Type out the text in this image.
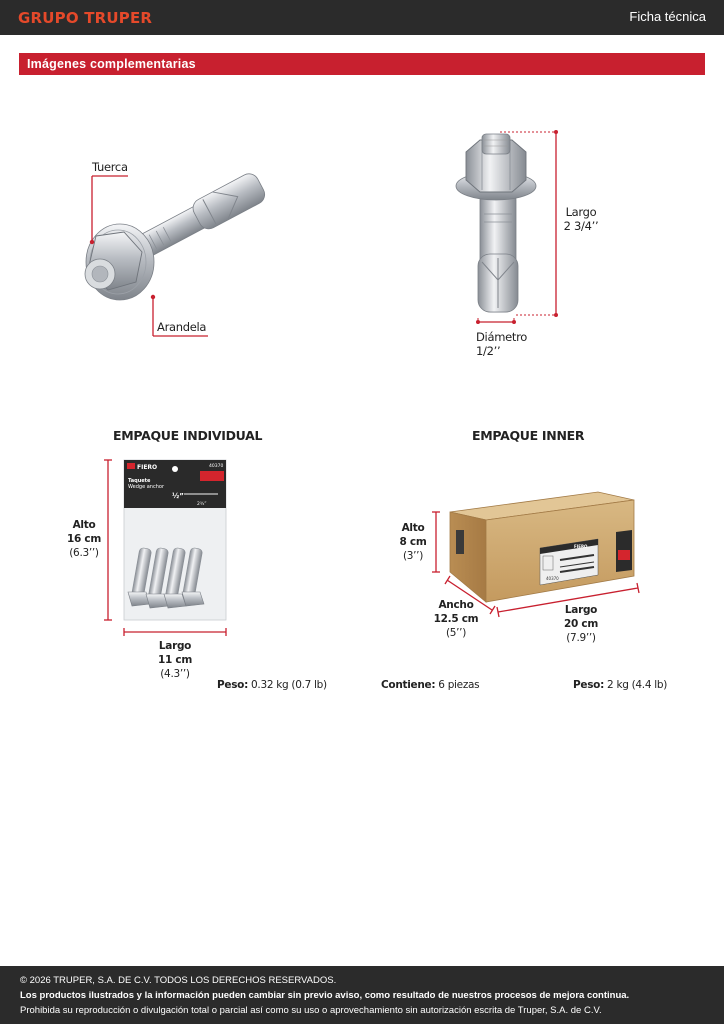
GRUPO TRUPER	Ficha técnica
Imágenes complementarias
FIERO	40370
Taquete
Wedge anchor
½”
2¾”
40370
FIERO
Tuerca
Arandela
Largo
2 3/4’’
Diámetro
1/2’’
EMPAQUE INDIVIDUAL	EMPAQUE INNER
Alto
16 cm
(6.3’’)
Largo
11 cm
(4.3’’)
Peso: 0.32 kg (0.7 lb)
Alto
8 cm
(3’’)
Ancho
12.5 cm
(5’’)
Largo
20 cm
(7.9’’)
Contiene: 6 piezas	Peso: 2 kg (4.4 lb)
© 2026 TRUPER, S.A. DE C.V. TODOS LOS DERECHOS RESERVADOS.
Los productos ilustrados y la información pueden cambiar sin previo aviso, como resultado de nuestros procesos de mejora continua.
Prohibida su reproducción o divulgación total o parcial así como su uso o aprovechamiento sin autorización escrita de Truper, S.A. de C.V.
